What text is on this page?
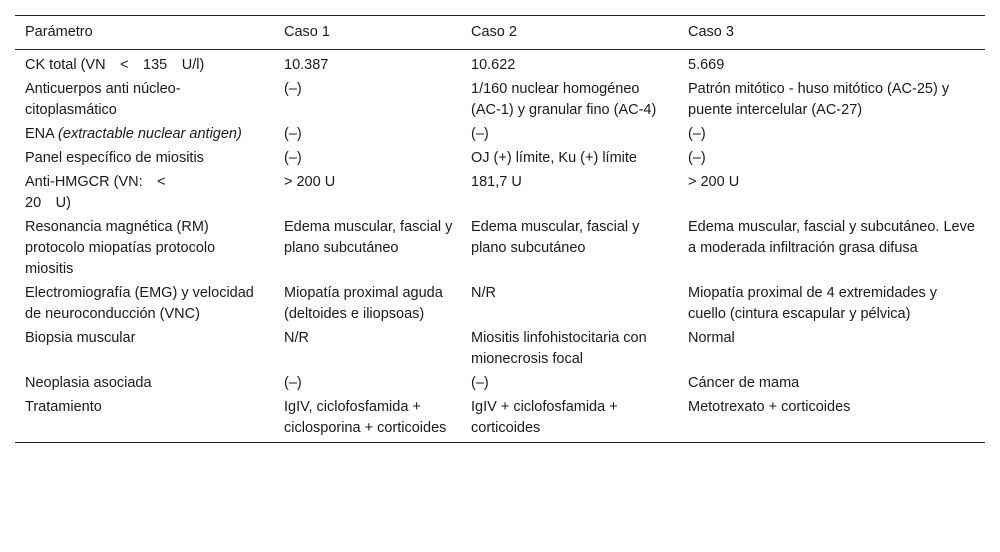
Parámetro	Caso 1	Caso 2	Caso 3
CK total (VN  <  135  U/l)	10.387	10.622	5.669
Anticuerpos anti núcleo-citoplasmático	(–)	1/160 nuclear homogéneo (AC-1) y granular fino (AC-4)	Patrón mitótico - huso mitótico (AC-25) y puente intercelular (AC-27)
ENA (extractable nuclear antigen)	(–)	(–)	(–)
Panel específico de miositis	(–)	OJ (+) límite, Ku (+) límite	(–)
Anti-HMGCR (VN:  <  20  U)	> 200 U	181,7 U	> 200 U
Resonancia magnética (RM) protocolo miopatías protocolo miositis	Edema muscular, fascial y plano subcutáneo	Edema muscular, fascial y plano subcutáneo	Edema muscular, fascial y subcutáneo. Leve a moderada infiltración grasa difusa
Electromiografía (EMG) y velocidad de neuroconducción (VNC)	Miopatía proximal aguda (deltoides e iliopsoas)	N/R	Miopatía proximal de 4 extremidades y cuello (cintura escapular y pélvica)
Biopsia muscular	N/R	Miositis linfohistocitaria con mionecrosis focal	Normal
Neoplasia asociada	(–)	(–)	Cáncer de mama
Tratamiento	IgIV, ciclofosfamida + ciclosporina + corticoides	IgIV + ciclofosfamida + corticoides	Metotrexato + corticoides
